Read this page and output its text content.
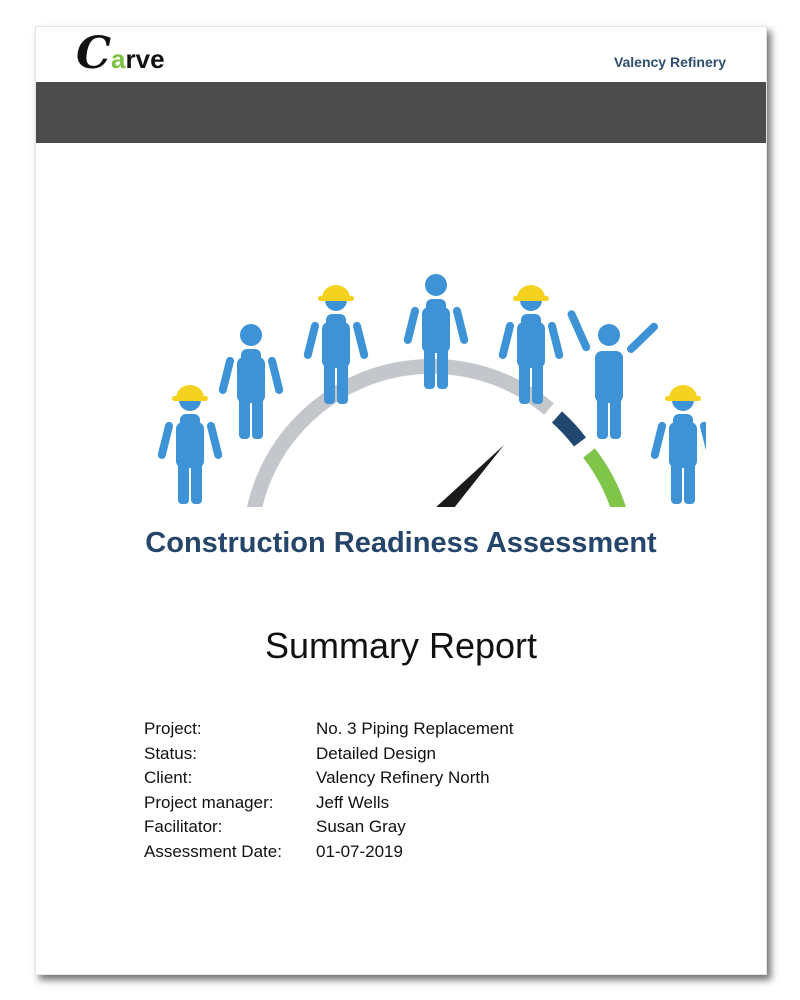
C a rve	Valency Refinery
Construction Readiness Assessment
Summary Report
Project:	No. 3 Piping Replacement
Status:	Detailed Design
Client:	Valency Refinery North
Project manager:	Jeff Wells
Facilitator:	Susan Gray
Assessment Date:	01-07-2019
